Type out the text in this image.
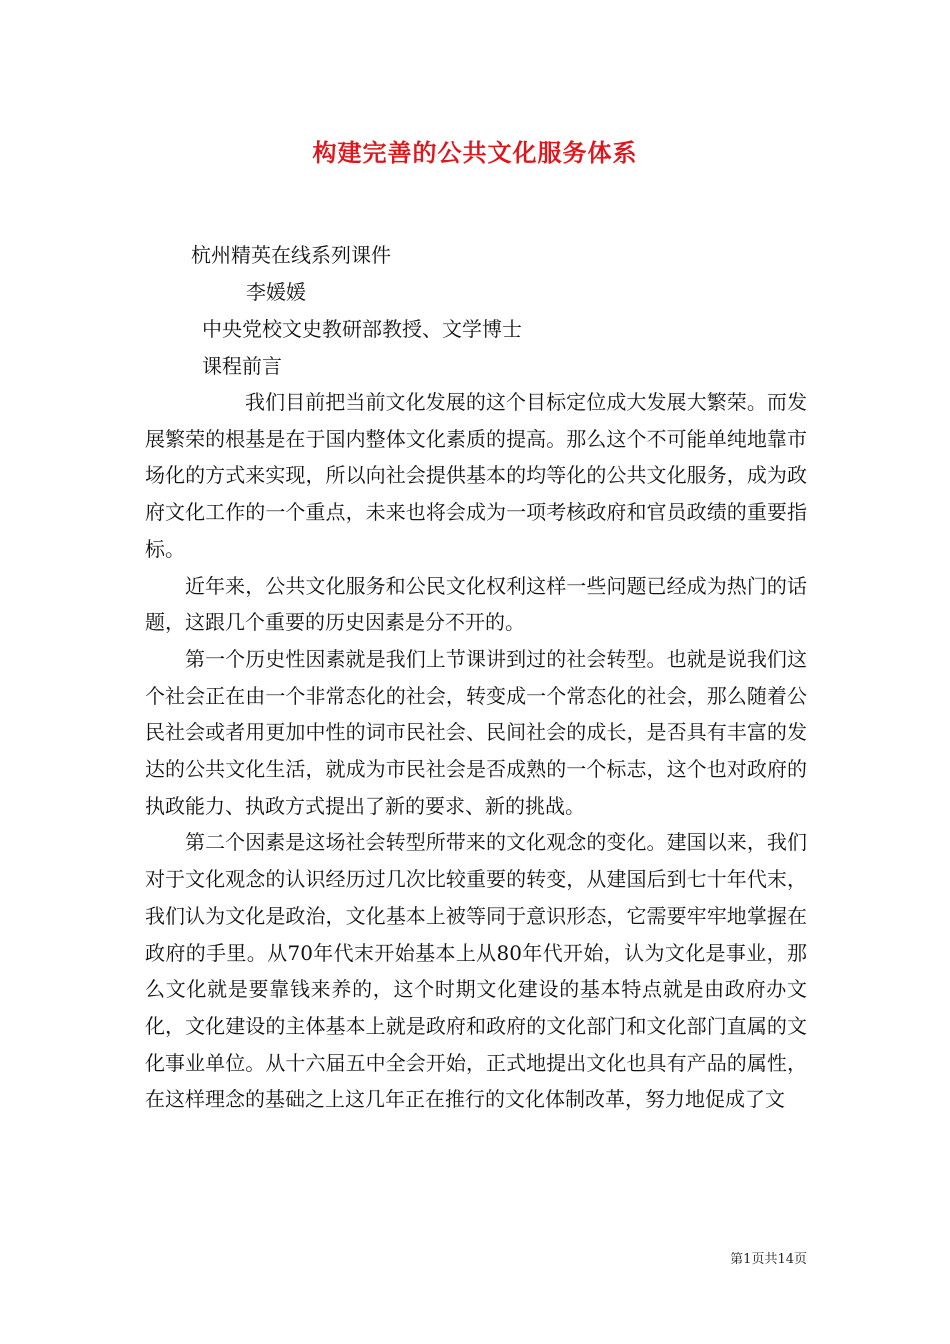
构建完善的公共文化服务体系
杭州精英在线系列课件
李媛媛
中央党校文史教研部教授、文学博士
课程前言

我们目前把当前文化发展的这个目标定位成大发展大繁荣。而发展繁荣的根基是在于国内整体文化素质的提高。那么这个不可能单纯地靠市场化的方式来实现，所以向社会提供基本的均等化的公共文化服务，成为政府文化工作的一个重点，未来也将会成为一项考核政府和官员政绩的重要指标。

近年来，公共文化服务和公民文化权利这样一些问题已经成为热门的话题，这跟几个重要的历史因素是分不开的。

第一个历史性因素就是我们上节课讲到过的社会转型。也就是说我们这个社会正在由一个非常态化的社会，转变成一个常态化的社会，那么随着公民社会或者用更加中性的词市民社会、民间社会的成长，是否具有丰富的发达的公共文化生活，就成为市民社会是否成熟的一个标志，这个也对政府的执政能力、执政方式提出了新的要求、新的挑战。

第二个因素是这场社会转型所带来的文化观念的变化。建国以来，我们对于文化观念的认识经历过几次比较重要的转变，从建国后到七十年代末，我们认为文化是政治，文化基本上被等同于意识形态，它需要牢牢地掌握在政府的手里。从70年代末开始基本上从80年代开始，认为文化是事业，那么文化就是要靠钱来养的，这个时期文化建设的基本特点就是由政府办文化，文化建设的主体基本上就是政府和政府的文化部门和文化部门直属的文化事业单位。从十六届五中全会开始，正式地提出文化也具有产品的属性，在这样理念的基础之上这几年正在推行的文化体制改革，努力地促成了文

第1页共14页
